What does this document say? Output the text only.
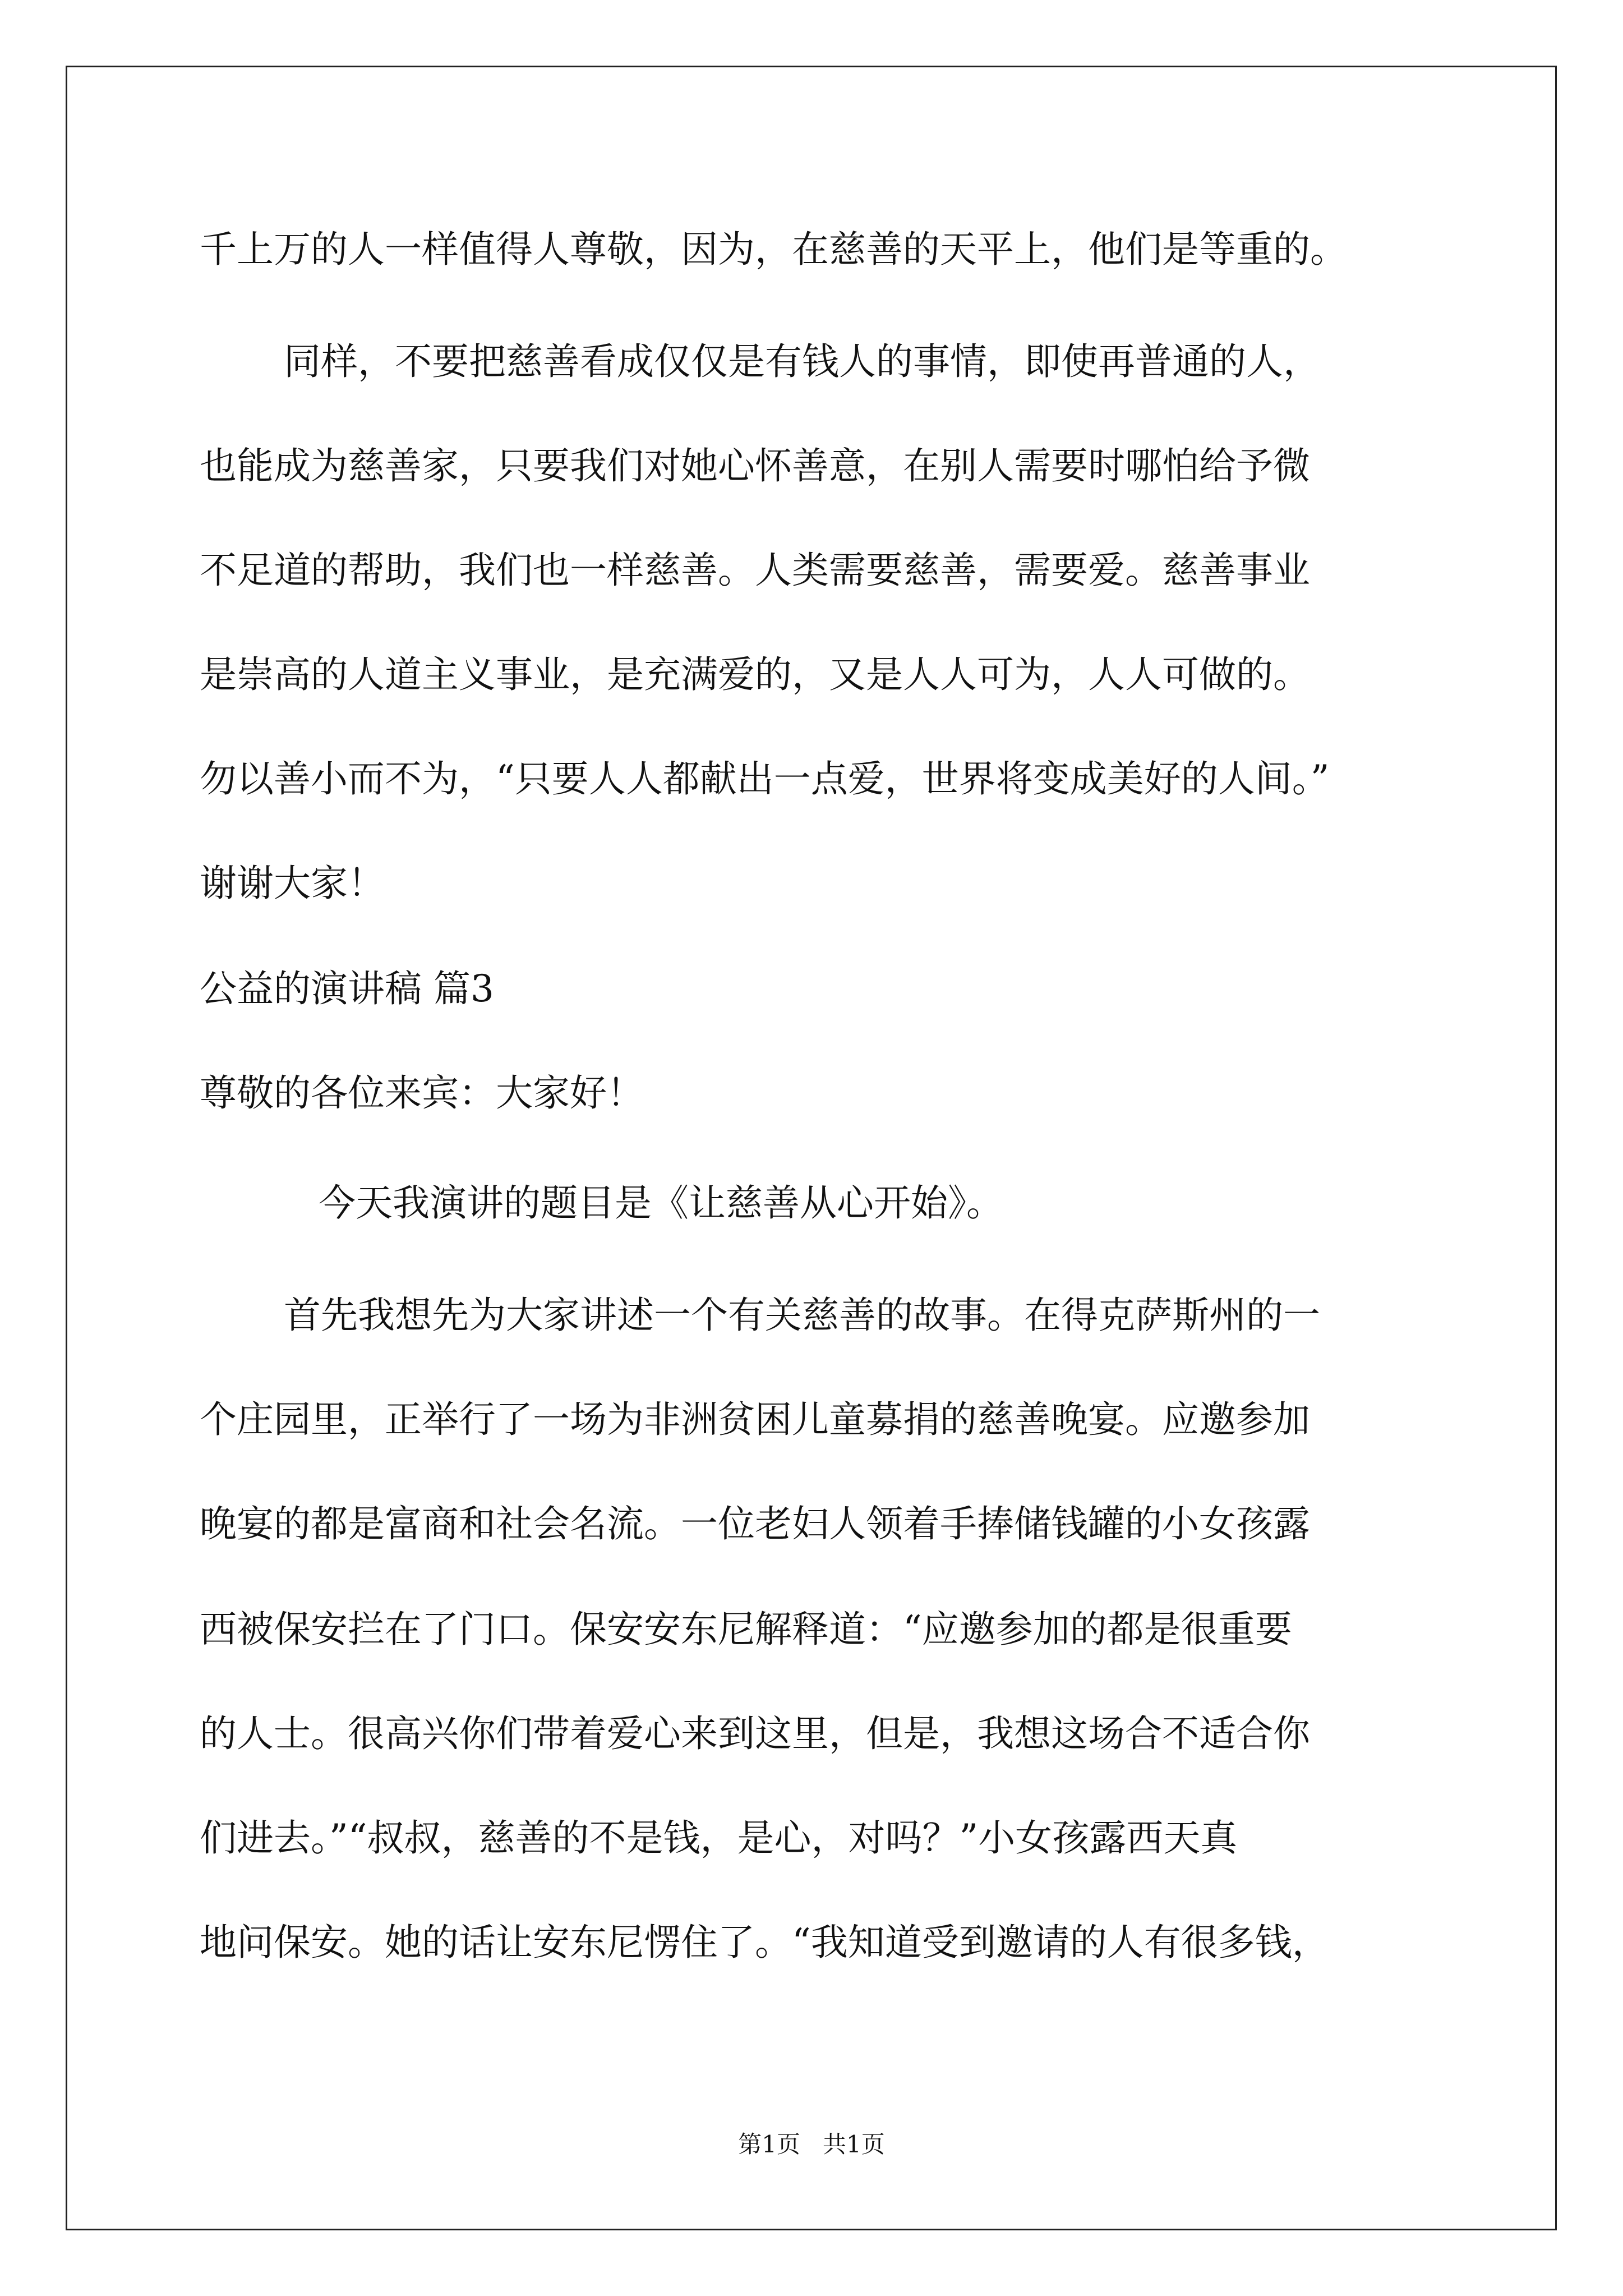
千上万的人一样值得人尊敬，因为，在慈善的天平上，他们是等重的。
同样，不要把慈善看成仅仅是有钱人的事情，即使再普通的人，
也能成为慈善家，只要我们对她心怀善意，在别人需要时哪怕给予微
不足道的帮助，我们也一样慈善。人类需要慈善，需要爱。慈善事业
是崇高的人道主义事业，是充满爱的，又是人人可为，人人可做的。
勿以善小而不为，“只要人人都献出一点爱，世界将变成美好的人间。”
谢谢大家！
公益的演讲稿 篇3
尊敬的各位来宾：大家好！
今天我演讲的题目是《让慈善从心开始》。
首先我想先为大家讲述一个有关慈善的故事。在得克萨斯州的一
个庄园里，正举行了一场为非洲贫困儿童募捐的慈善晚宴。应邀参加
晚宴的都是富商和社会名流。一位老妇人领着手捧储钱罐的小女孩露
西被保安拦在了门口。保安安东尼解释道：“应邀参加的都是很重要
的人士。很高兴你们带着爱心来到这里，但是，我想这场合不适合你
们进去。”“叔叔，慈善的不是钱，是心，对吗？”小女孩露西天真
地问保安。她的话让安东尼愣住了。“我知道受到邀请的人有很多钱，
第1页   共1页
